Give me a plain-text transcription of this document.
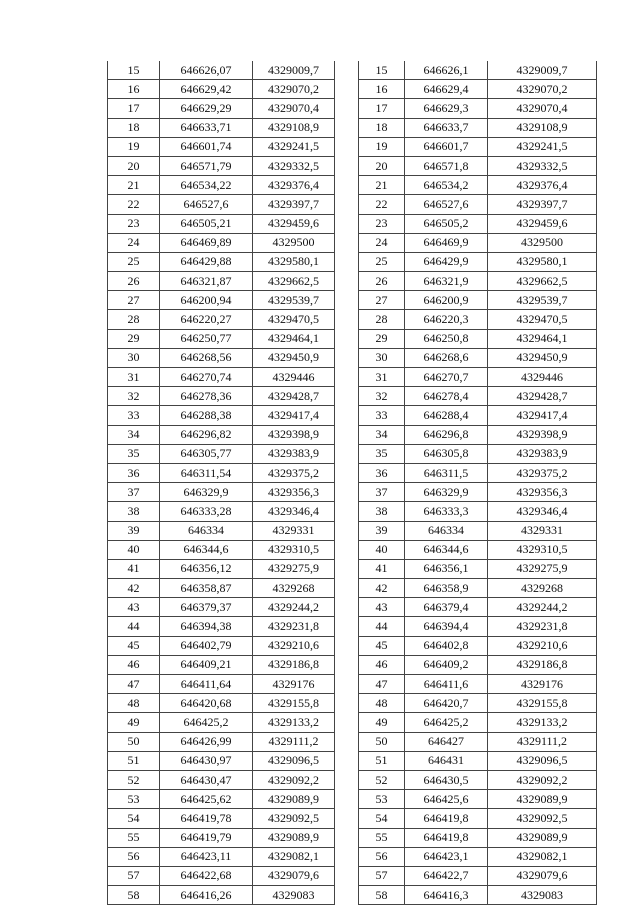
15	646626,07	4329009,7
16	646629,42	4329070,2
17	646629,29	4329070,4
18	646633,71	4329108,9
19	646601,74	4329241,5
20	646571,79	4329332,5
21	646534,22	4329376,4
22	646527,6	4329397,7
23	646505,21	4329459,6
24	646469,89	4329500
25	646429,88	4329580,1
26	646321,87	4329662,5
27	646200,94	4329539,7
28	646220,27	4329470,5
29	646250,77	4329464,1
30	646268,56	4329450,9
31	646270,74	4329446
32	646278,36	4329428,7
33	646288,38	4329417,4
34	646296,82	4329398,9
35	646305,77	4329383,9
36	646311,54	4329375,2
37	646329,9	4329356,3
38	646333,28	4329346,4
39	646334	4329331
40	646344,6	4329310,5
41	646356,12	4329275,9
42	646358,87	4329268
43	646379,37	4329244,2
44	646394,38	4329231,8
45	646402,79	4329210,6
46	646409,21	4329186,8
47	646411,64	4329176
48	646420,68	4329155,8
49	646425,2	4329133,2
50	646426,99	4329111,2
51	646430,97	4329096,5
52	646430,47	4329092,2
53	646425,62	4329089,9
54	646419,78	4329092,5
55	646419,79	4329089,9
56	646423,11	4329082,1
57	646422,68	4329079,6
58	646416,26	4329083
15	646626,1	4329009,7
16	646629,4	4329070,2
17	646629,3	4329070,4
18	646633,7	4329108,9
19	646601,7	4329241,5
20	646571,8	4329332,5
21	646534,2	4329376,4
22	646527,6	4329397,7
23	646505,2	4329459,6
24	646469,9	4329500
25	646429,9	4329580,1
26	646321,9	4329662,5
27	646200,9	4329539,7
28	646220,3	4329470,5
29	646250,8	4329464,1
30	646268,6	4329450,9
31	646270,7	4329446
32	646278,4	4329428,7
33	646288,4	4329417,4
34	646296,8	4329398,9
35	646305,8	4329383,9
36	646311,5	4329375,2
37	646329,9	4329356,3
38	646333,3	4329346,4
39	646334	4329331
40	646344,6	4329310,5
41	646356,1	4329275,9
42	646358,9	4329268
43	646379,4	4329244,2
44	646394,4	4329231,8
45	646402,8	4329210,6
46	646409,2	4329186,8
47	646411,6	4329176
48	646420,7	4329155,8
49	646425,2	4329133,2
50	646427	4329111,2
51	646431	4329096,5
52	646430,5	4329092,2
53	646425,6	4329089,9
54	646419,8	4329092,5
55	646419,8	4329089,9
56	646423,1	4329082,1
57	646422,7	4329079,6
58	646416,3	4329083
